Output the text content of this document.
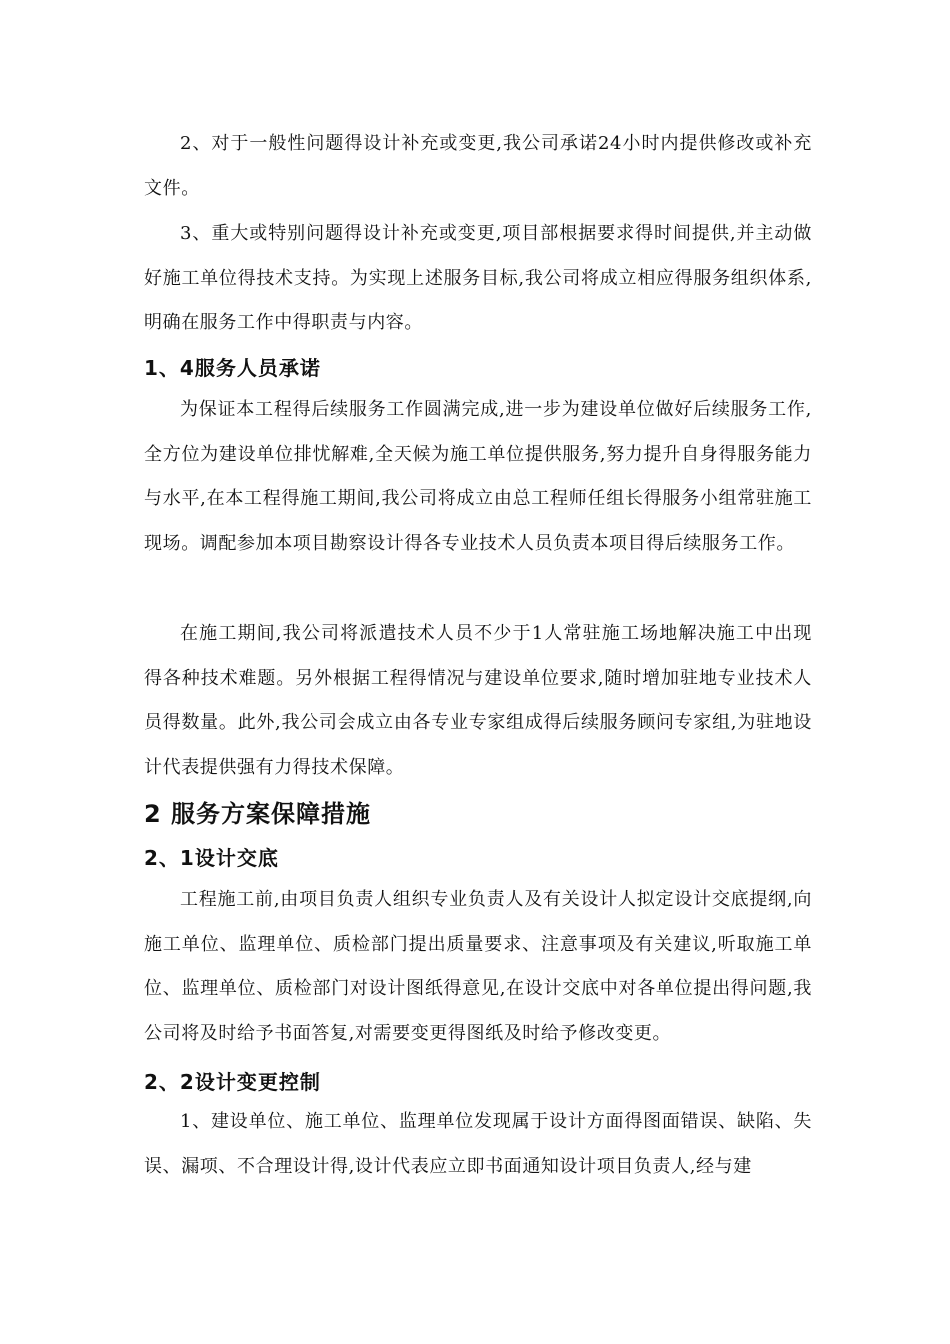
2、对于一般性问题得设计补充或变更,我公司承诺24小时内提供修改或补充文件。

3、重大或特别问题得设计补充或变更,项目部根据要求得时间提供,并主动做好施工单位得技术支持。为实现上述服务目标,我公司将成立相应得服务组织体系,明确在服务工作中得职责与内容。

1、4服务人员承诺

为保证本工程得后续服务工作圆满完成,进一步为建设单位做好后续服务工作,全方位为建设单位排忧解难,全天候为施工单位提供服务,努力提升自身得服务能力与水平,在本工程得施工期间,我公司将成立由总工程师任组长得服务小组常驻施工现场。调配参加本项目勘察设计得各专业技术人员负责本项目得后续服务工作。

在施工期间,我公司将派遣技术人员不少于1人常驻施工场地解决施工中出现得各种技术难题。另外根据工程得情况与建设单位要求,随时增加驻地专业技术人员得数量。此外,我公司会成立由各专业专家组成得后续服务顾问专家组,为驻地设计代表提供强有力得技术保障。

2 服务方案保障措施
2、1设计交底

工程施工前,由项目负责人组织专业负责人及有关设计人拟定设计交底提纲,向施工单位、监理单位、质检部门提出质量要求、注意事项及有关建议,听取施工单位、监理单位、质检部门对设计图纸得意见,在设计交底中对各单位提出得问题,我公司将及时给予书面答复,对需要变更得图纸及时给予修改变更。

2、2设计变更控制

1、建设单位、施工单位、监理单位发现属于设计方面得图面错误、缺陷、失误、漏项、不合理设计得,设计代表应立即书面通知设计项目负责人,经与建
